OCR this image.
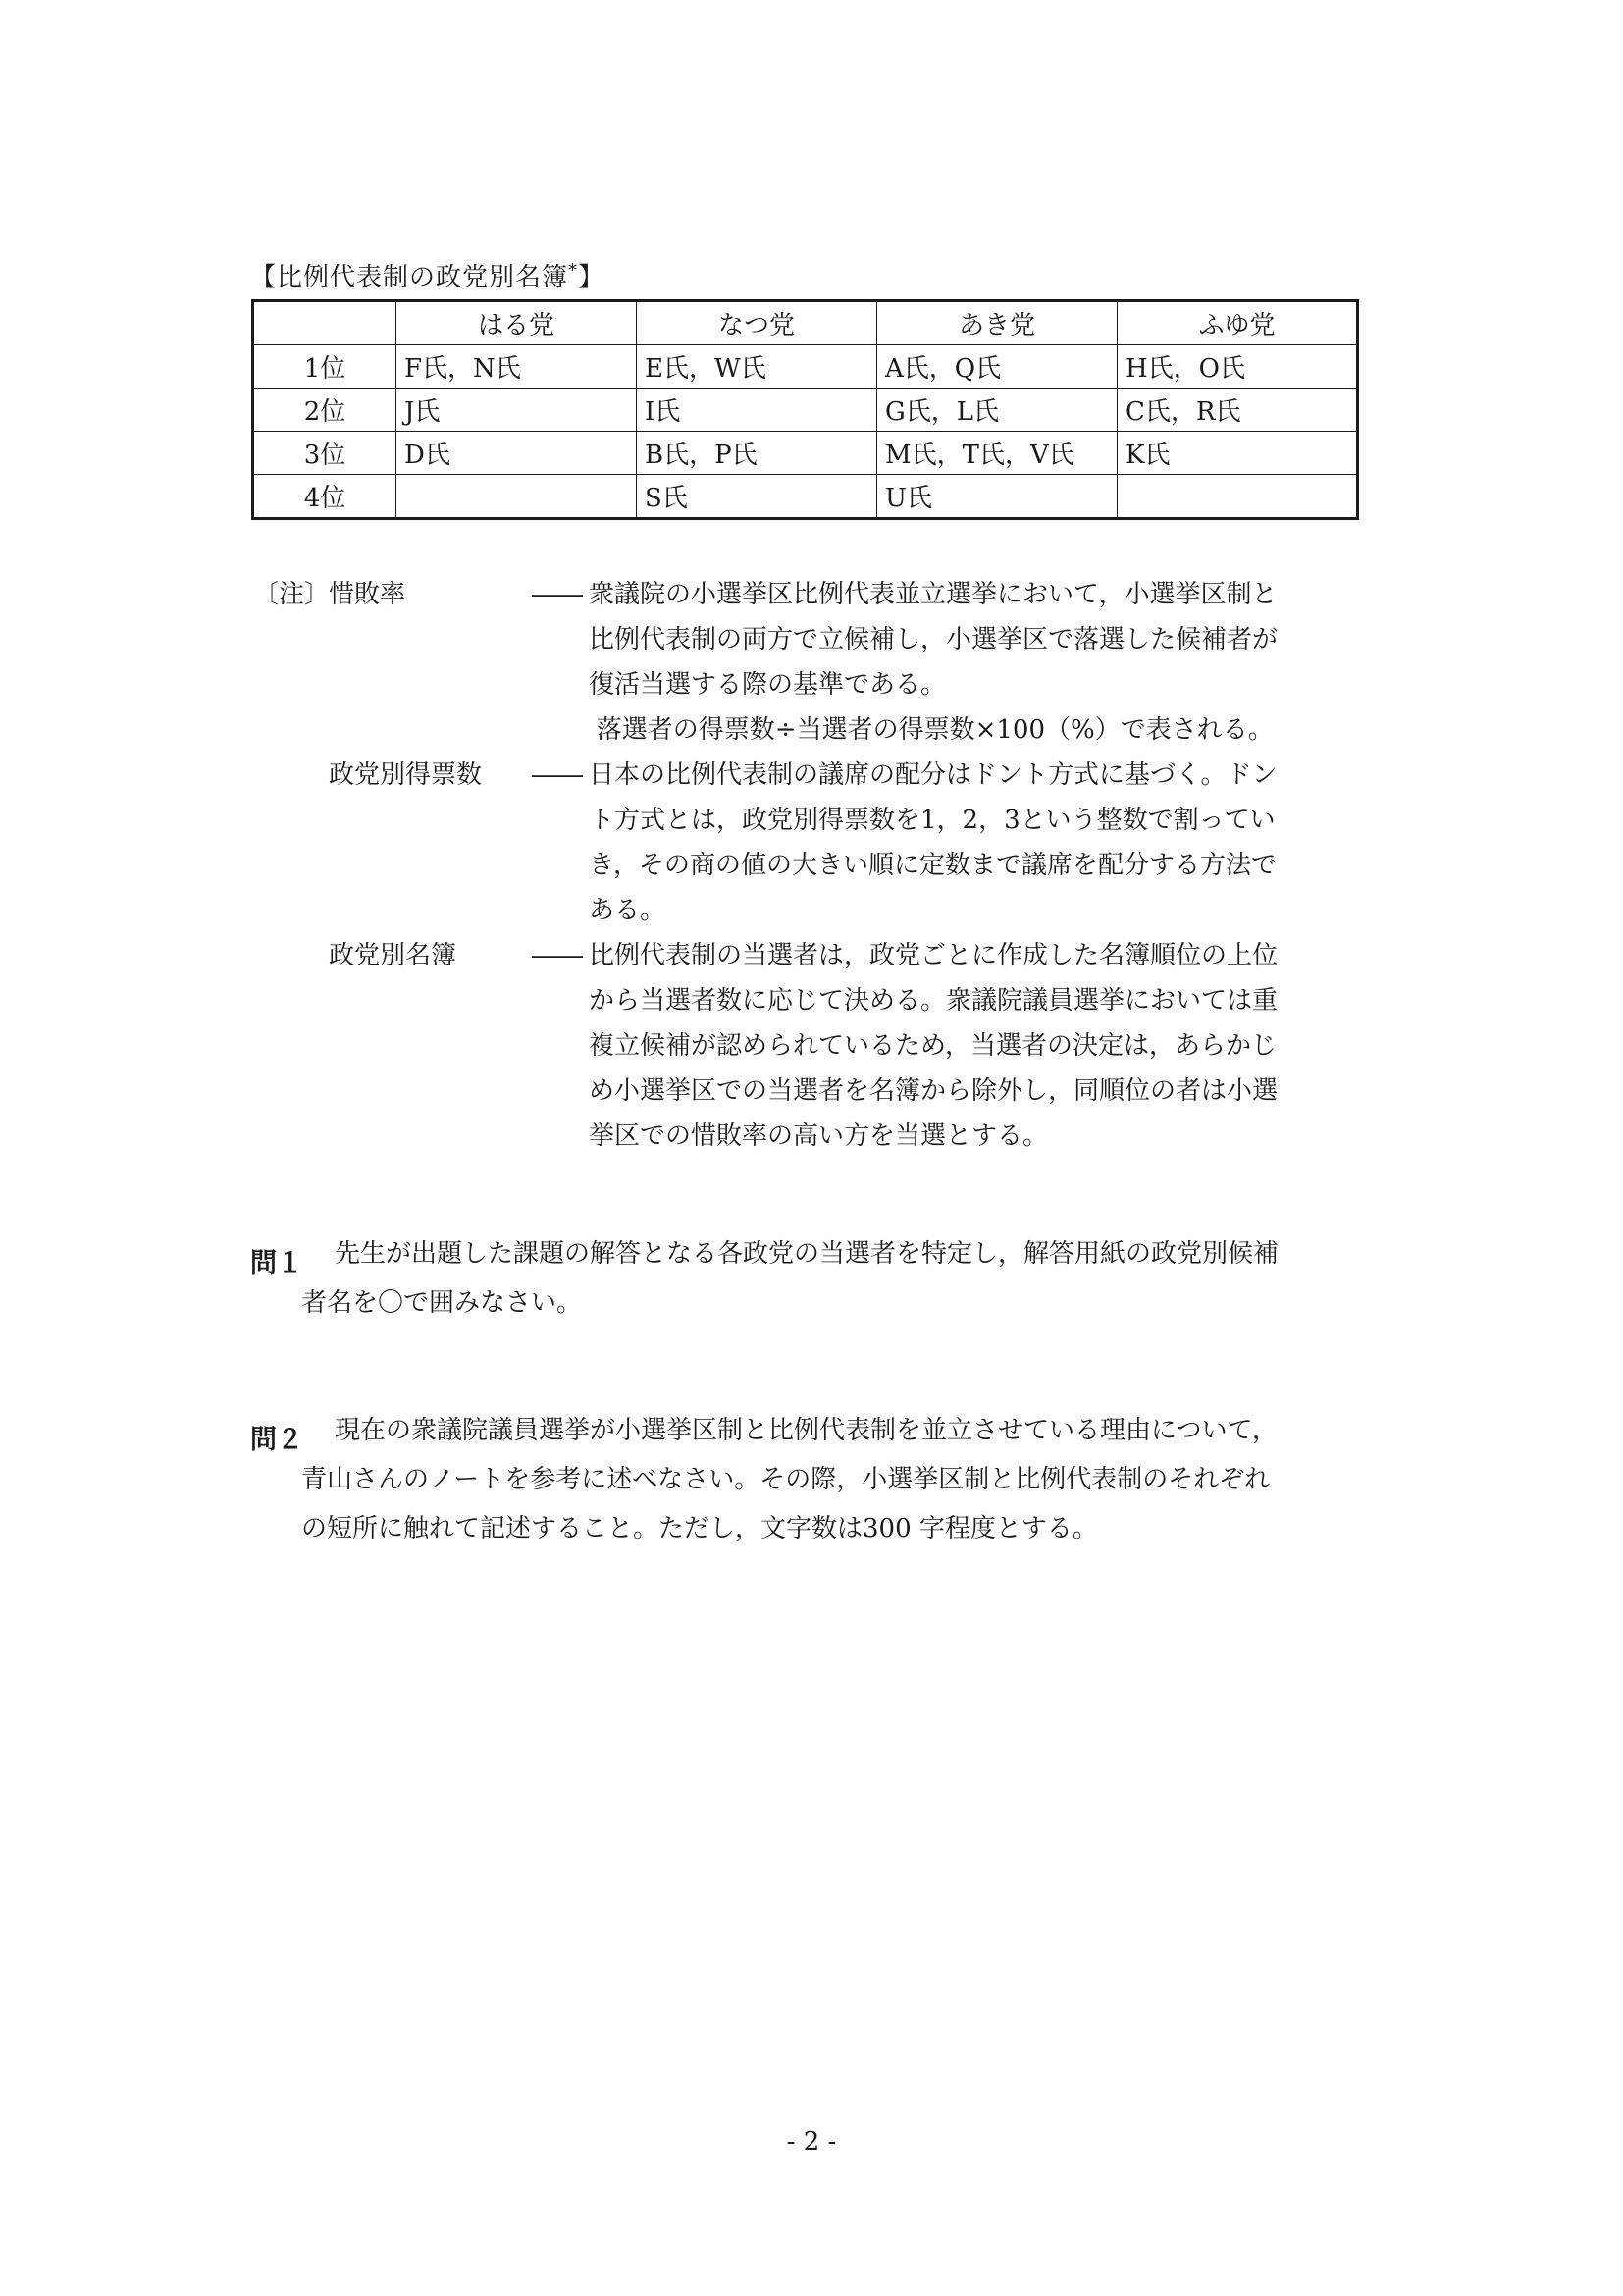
【比例代表制の政党別名簿*】
	はる党	なつ党	あき党	ふゆ党
1位	F氏，N氏	E氏，W氏	A氏，Q氏	H氏，O氏
2位	J氏	I氏	G氏，L氏	C氏，R氏
3位	D氏	B氏，P氏	M氏，T氏，V氏	K氏
4位		S氏	U氏	
〔注〕
惜敗率	―― 衆議院の小選挙区比例代表並立選挙において，小選挙区制と

比例代表制の両方で立候補し，小選挙区で落選した候補者が

復活当選する際の基準である。

落選者の得票数÷当選者の得票数×100（%）で表される。

政党別得票数 ―― 日本の比例代表制の議席の配分はドント方式に基づく。ドン

ト方式とは，政党別得票数を1，2，3という整数で割ってい

き，その商の値の大きい順に定数まで議席を配分する方法で

ある。

政党別名簿	―― 比例代表制の当選者は，政党ごとに作成した名簿順位の上位

から当選者数に応じて決める。衆議院議員選挙においては重

複立候補が認められているため，当選者の決定は，あらかじ

め小選挙区での当選者を名簿から除外し，同順位の者は小選

挙区での惜敗率の高い方を当選とする。

問１	先生が出題した課題の解答となる各政党の当選者を特定し，解答用紙の政党別候補
者名を〇で囲みなさい。
問２	現在の衆議院議員選挙が小選挙区制と比例代表制を並立させている理由について，
青山さんのノートを参考に述べなさい。その際，小選挙区制と比例代表制のそれぞれ
の短所に触れて記述すること。ただし，文字数は300 字程度とする。
- 2 -
